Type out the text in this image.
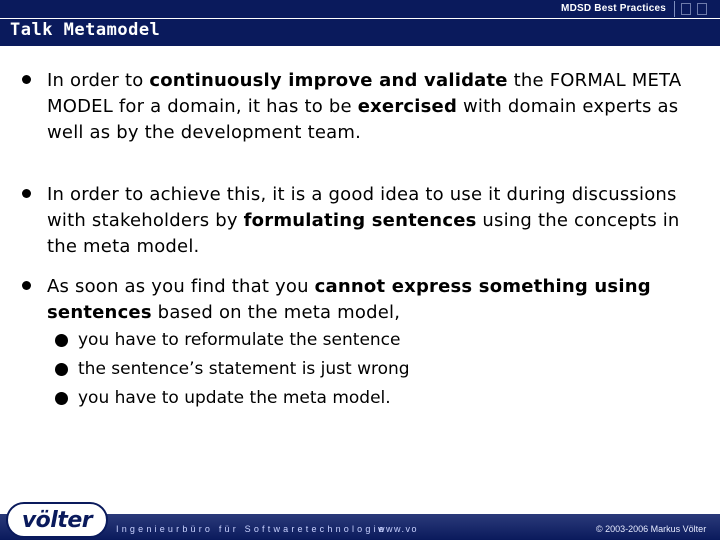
MDSD Best Practices
Talk Metamodel
In order to continuously improve and validate the FORMAL META MODEL for a domain, it has to be exercised with domain experts as well as by the development team.
In order to achieve this, it is a good idea to use it during discussions with stakeholders by formulating sentences using the concepts in the meta model.
As soon as you find that you cannot express something using sentences based on the meta model,
you have to reformulate the sentence
the sentence’s statement is just wrong
you have to update the meta model.
völter	Ingenieurbüro für Softwaretechnologie
www.vo	© 2003-2006 Markus Völter
